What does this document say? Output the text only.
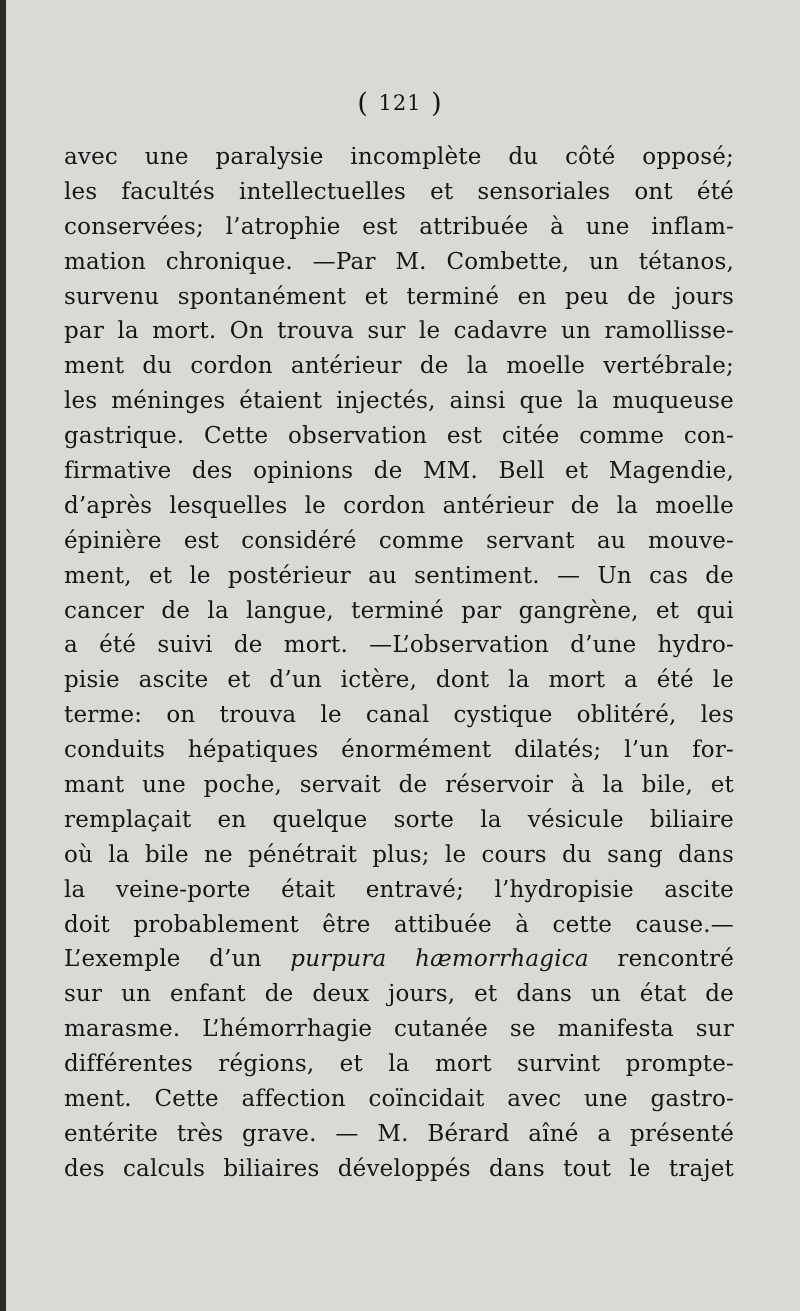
( 121 )
avec une paralysie incomplète du côté opposé;
les facultés intellectuelles et sensoriales ont été
conservées; l’atrophie est attribuée à une inflam-
mation chronique. —Par M. Combette, un tétanos,
survenu spontanément et terminé en peu de jours
par la mort. On trouva sur le cadavre un ramollisse-
ment du cordon antérieur de la moelle vertébrale;
les méninges étaient injectés, ainsi que la muqueuse
gastrique. Cette observation est citée comme con-
firmative des opinions de MM. Bell et Magendie,
d’après lesquelles le cordon antérieur de la moelle
épinière est considéré comme servant au mouve-
ment, et le postérieur au sentiment. — Un cas de
cancer de la langue, terminé par gangrène, et qui
a été suivi de mort. —L’observation d’une hydro-
pisie ascite et d’un ictère, dont la mort a été le
terme: on trouva le canal cystique oblitéré, les
conduits hépatiques énormément dilatés; l’un for-
mant une poche, servait de réservoir à la bile, et
remplaçait en quelque sorte la vésicule biliaire
où la bile ne pénétrait plus; le cours du sang dans
la veine-porte était entravé; l’hydropisie ascite
doit probablement être attibuée à cette cause.—
L’exemple d’un purpura hæmorrhagica rencontré
sur un enfant de deux jours, et dans un état de
marasme. L’hémorrhagie cutanée se manifesta sur
différentes régions, et la mort survint prompte-
ment. Cette affection coïncidait avec une gastro-
entérite très grave. — M. Bérard aîné a présenté
des calculs biliaires développés dans tout le trajet
